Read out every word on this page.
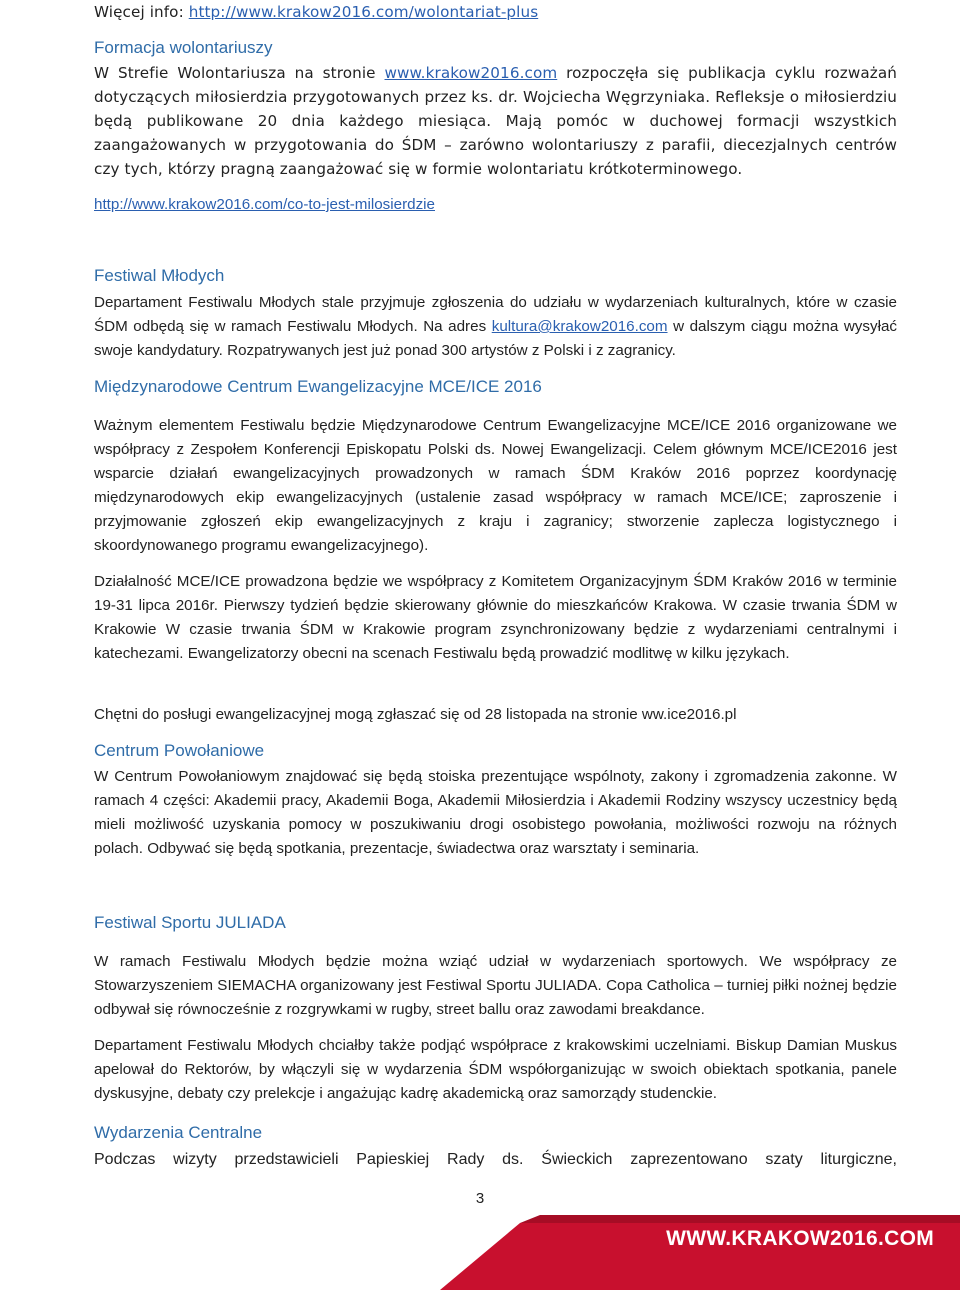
Więcej info: http://www.krakow2016.com/wolontariat-plus

Formacja wolontariuszy

W Strefie Wolontariusza na stronie www.krakow2016.com rozpoczęła się publikacja cyklu rozważań dotyczących miłosierdzia przygotowanych przez ks. dr. Wojciecha Węgrzyniaka. Refleksje o miłosierdziu będą publikowane 20 dnia każdego miesiąca. Mają pomóc w duchowej formacji wszystkich zaangażowanych w przygotowania do ŚDM – zarówno wolontariuszy z parafii, diecezjalnych centrów czy tych, którzy pragną zaangażować się w formie wolontariatu krótkoterminowego.

http://www.krakow2016.com/co-to-jest-milosierdzie

Festiwal Młodych

Departament Festiwalu Młodych stale przyjmuje zgłoszenia do udziału w wydarzeniach kulturalnych, które w czasie ŚDM odbędą się w ramach Festiwalu Młodych. Na adres kultura@krakow2016.com w dalszym ciągu można wysyłać swoje kandydatury. Rozpatrywanych jest już ponad 300 artystów z Polski i z zagranicy.

Międzynarodowe Centrum Ewangelizacyjne MCE/ICE 2016

Ważnym elementem Festiwalu będzie Międzynarodowe Centrum Ewangelizacyjne MCE/ICE 2016 organizowane we współpracy z Zespołem Konferencji Episkopatu Polski ds. Nowej Ewangelizacji. Celem głównym MCE/ICE2016 jest wsparcie działań ewangelizacyjnych prowadzonych w ramach ŚDM Kraków 2016 poprzez koordynację międzynarodowych ekip ewangelizacyjnych (ustalenie zasad współpracy w ramach MCE/ICE; zaproszenie i przyjmowanie zgłoszeń ekip ewangelizacyjnych z kraju i zagranicy; stworzenie zaplecza logistycznego i skoordynowanego programu ewangelizacyjnego).

Działalność MCE/ICE prowadzona będzie we współpracy z Komitetem Organizacyjnym ŚDM Kraków 2016 w terminie 19-31 lipca 2016r. Pierwszy tydzień będzie skierowany głównie do mieszkańców Krakowa. W czasie trwania ŚDM w Krakowie W czasie trwania ŚDM w Krakowie program zsynchronizowany będzie z wydarzeniami centralnymi i katechezami. Ewangelizatorzy obecni na scenach Festiwalu będą prowadzić modlitwę w kilku językach.

Chętni do posługi ewangelizacyjnej mogą zgłaszać się od 28 listopada na stronie ww.ice2016.pl

Centrum Powołaniowe

W Centrum Powołaniowym znajdować się będą stoiska prezentujące wspólnoty, zakony i zgromadzenia zakonne. W ramach 4 części: Akademii pracy, Akademii Boga, Akademii Miłosierdzia i Akademii Rodziny wszyscy uczestnicy będą mieli możliwość uzyskania pomocy w poszukiwaniu drogi osobistego powołania, możliwości rozwoju na różnych polach. Odbywać się będą spotkania, prezentacje, świadectwa oraz warsztaty i seminaria.

Festiwal Sportu JULIADA

W ramach Festiwalu Młodych będzie można wziąć udział w wydarzeniach sportowych. We współpracy ze Stowarzyszeniem SIEMACHA organizowany jest Festiwal Sportu JULIADA. Copa Catholica – turniej piłki nożnej będzie odbywał się równocześnie z rozgrywkami w rugby, street ballu oraz zawodami breakdance.

Departament Festiwalu Młodych chciałby także podjąć współprace z krakowskimi uczelniami. Biskup Damian Muskus apelował do Rektorów, by włączyli się w wydarzenia ŚDM współorganizując w swoich obiektach spotkania, panele dyskusyjne, debaty czy prelekcje i angażując kadrę akademicką oraz samorządy studenckie.

Wydarzenia Centralne

Podczas wizyty przedstawicieli Papieskiej Rady ds. Świeckich zaprezentowano szaty liturgiczne,

3
WWW.KRAKOW2016.COM
